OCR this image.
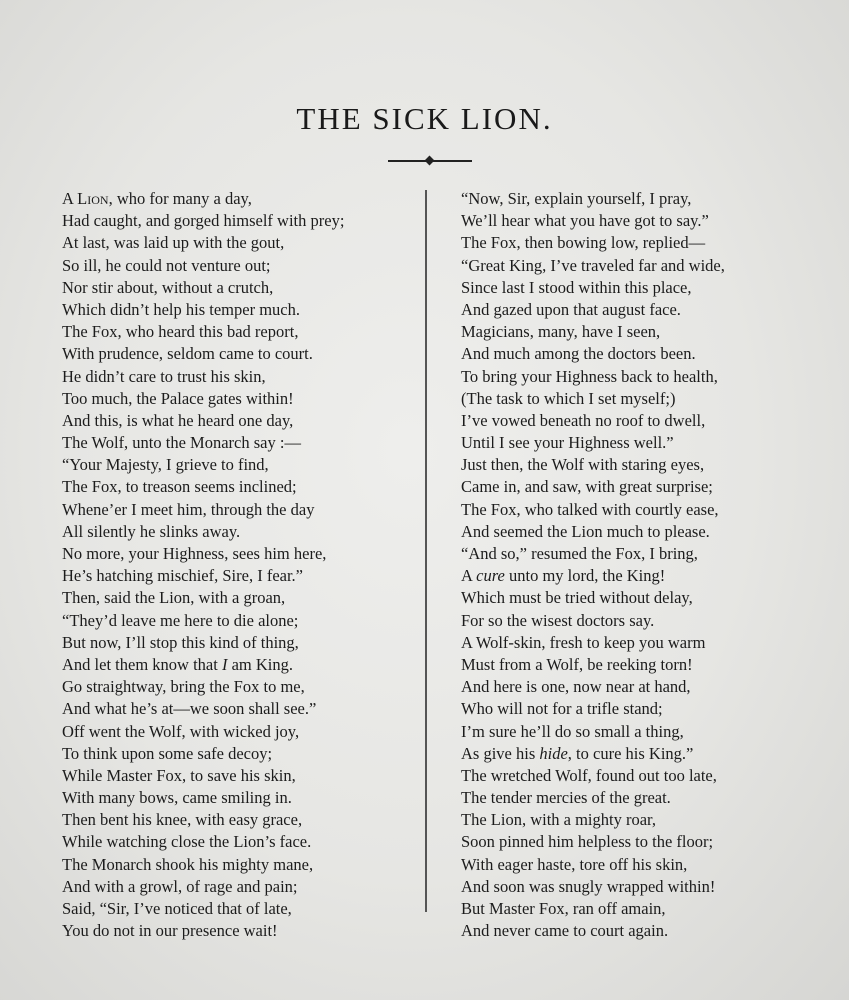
THE SICK LION.
A Lion, who for many a day,
Had caught, and gorged himself with prey;
At last, was laid up with the gout,
So ill, he could not venture out;
Nor stir about, without a crutch,
Which didn’t help his temper much.
The Fox, who heard this bad report,
With prudence, seldom came to court.
He didn’t care to trust his skin,
Too much, the Palace gates within!
And this, is what he heard one day,
The Wolf, unto the Monarch say :—
“Your Majesty, I grieve to find,
The Fox, to treason seems inclined;
Whene’er I meet him, through the day
All silently he slinks away.
No more, your Highness, sees him here,
He’s hatching mischief, Sire, I fear.”
Then, said the Lion, with a groan,
“They’d leave me here to die alone;
But now, I’ll stop this kind of thing,
And let them know that I am King.
Go straightway, bring the Fox to me,
And what he’s at—we soon shall see.”
Off went the Wolf, with wicked joy,
To think upon some safe decoy;
While Master Fox, to save his skin,
With many bows, came smiling in.
Then bent his knee, with easy grace,
While watching close the Lion’s face.
The Monarch shook his mighty mane,
And with a growl, of rage and pain;
Said, “Sir, I’ve noticed that of late,
You do not in our presence wait!
“Now, Sir, explain yourself, I pray,
We’ll hear what you have got to say.”
The Fox, then bowing low, replied—
“Great King, I’ve traveled far and wide,
Since last I stood within this place,
And gazed upon that august face.
Magicians, many, have I seen,
And much among the doctors been.
To bring your Highness back to health,
(The task to which I set myself;)
I’ve vowed beneath no roof to dwell,
Until I see your Highness well.”
Just then, the Wolf with staring eyes,
Came in, and saw, with great surprise;
The Fox, who talked with courtly ease,
And seemed the Lion much to please.
“And so,” resumed the Fox, I bring,
A cure unto my lord, the King!
Which must be tried without delay,
For so the wisest doctors say.
A Wolf-skin, fresh to keep you warm
Must from a Wolf, be reeking torn!
And here is one, now near at hand,
Who will not for a trifle stand;
I’m sure he’ll do so small a thing,
As give his hide, to cure his King.”
The wretched Wolf, found out too late,
The tender mercies of the great.
The Lion, with a mighty roar,
Soon pinned him helpless to the floor;
With eager haste, tore off his skin,
And soon was snugly wrapped within!
But Master Fox, ran off amain,
And never came to court again.
